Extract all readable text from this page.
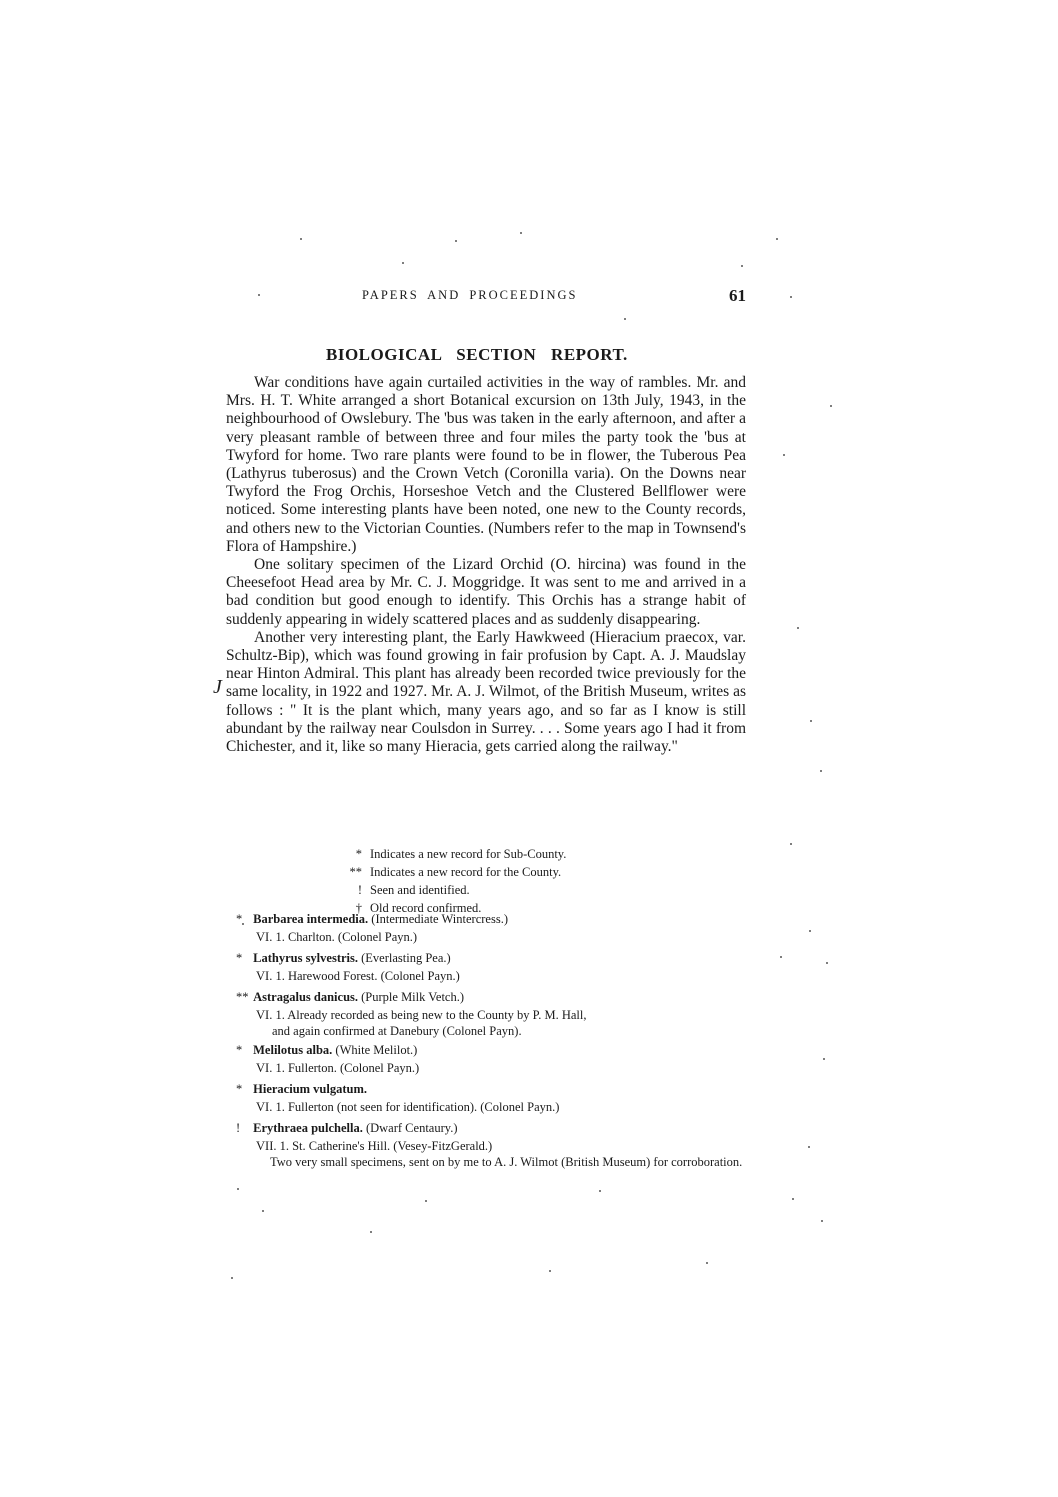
PAPERS AND PROCEEDINGS	61
BIOLOGICAL SECTION REPORT.

War conditions have again curtailed activities in the way of rambles. Mr. and Mrs. H. T. White arranged a short Botanical excursion on 13th July, 1943, in the neighbourhood of Owslebury. The 'bus was taken in the early afternoon, and after a very pleasant ramble of between three and four miles the party took the 'bus at Twyford for home. Two rare plants were found to be in flower, the Tuberous Pea (Lathyrus tuberosus) and the Crown Vetch (Coronilla varia). On the Downs near Twyford the Frog Orchis, Horseshoe Vetch and the Clustered Bellflower were noticed. Some interesting plants have been noted, one new to the County records, and others new to the Victorian Counties. (Numbers refer to the map in Townsend's Flora of Hampshire.)

One solitary specimen of the Lizard Orchid (O. hircina) was found in the Cheesefoot Head area by Mr. C. J. Moggridge. It was sent to me and arrived in a bad condition but good enough to identify. This Orchis has a strange habit of suddenly appearing in widely scattered places and as suddenly disappearing.

Another very interesting plant, the Early Hawkweed (Hieracium praecox, var. Schultz-Bip), which was found growing in fair profusion by Capt. A. J. Maudslay near Hinton Admiral. This plant has already been recorded twice previously for the same locality, in 1922 and 1927. Mr. A. J. Wilmot, of the British Museum, writes as follows : " It is the plant which, many years ago, and so far as I know is still abundant by the railway near Coulsdon in Surrey. . . . Some years ago I had it from Chichester, and it, like so many Hieracia, gets carried along the railway."

J
* Indicates a new record for Sub-County.
** Indicates a new record for the County.
! Seen and identified.
† Old record confirmed.
* Barbarea intermedia. (Intermediate Wintercress.)
VI. 1. Charlton. (Colonel Payn.)
* Lathyrus sylvestris. (Everlasting Pea.)
VI. 1. Harewood Forest. (Colonel Payn.)
** Astragalus danicus. (Purple Milk Vetch.)
VI. 1. Already recorded as being new to the County by P. M. Hall,
and again confirmed at Danebury (Colonel Payn).
* Melilotus alba. (White Melilot.)
VI. 1. Fullerton. (Colonel Payn.)
* Hieracium vulgatum.
VI. 1. Fullerton (not seen for identification). (Colonel Payn.)
! Erythraea pulchella. (Dwarf Centaury.)
VII. 1. St. Catherine's Hill. (Vesey-FitzGerald.)
Two very small specimens, sent on by me to A. J. Wilmot (British Museum) for corroboration.
